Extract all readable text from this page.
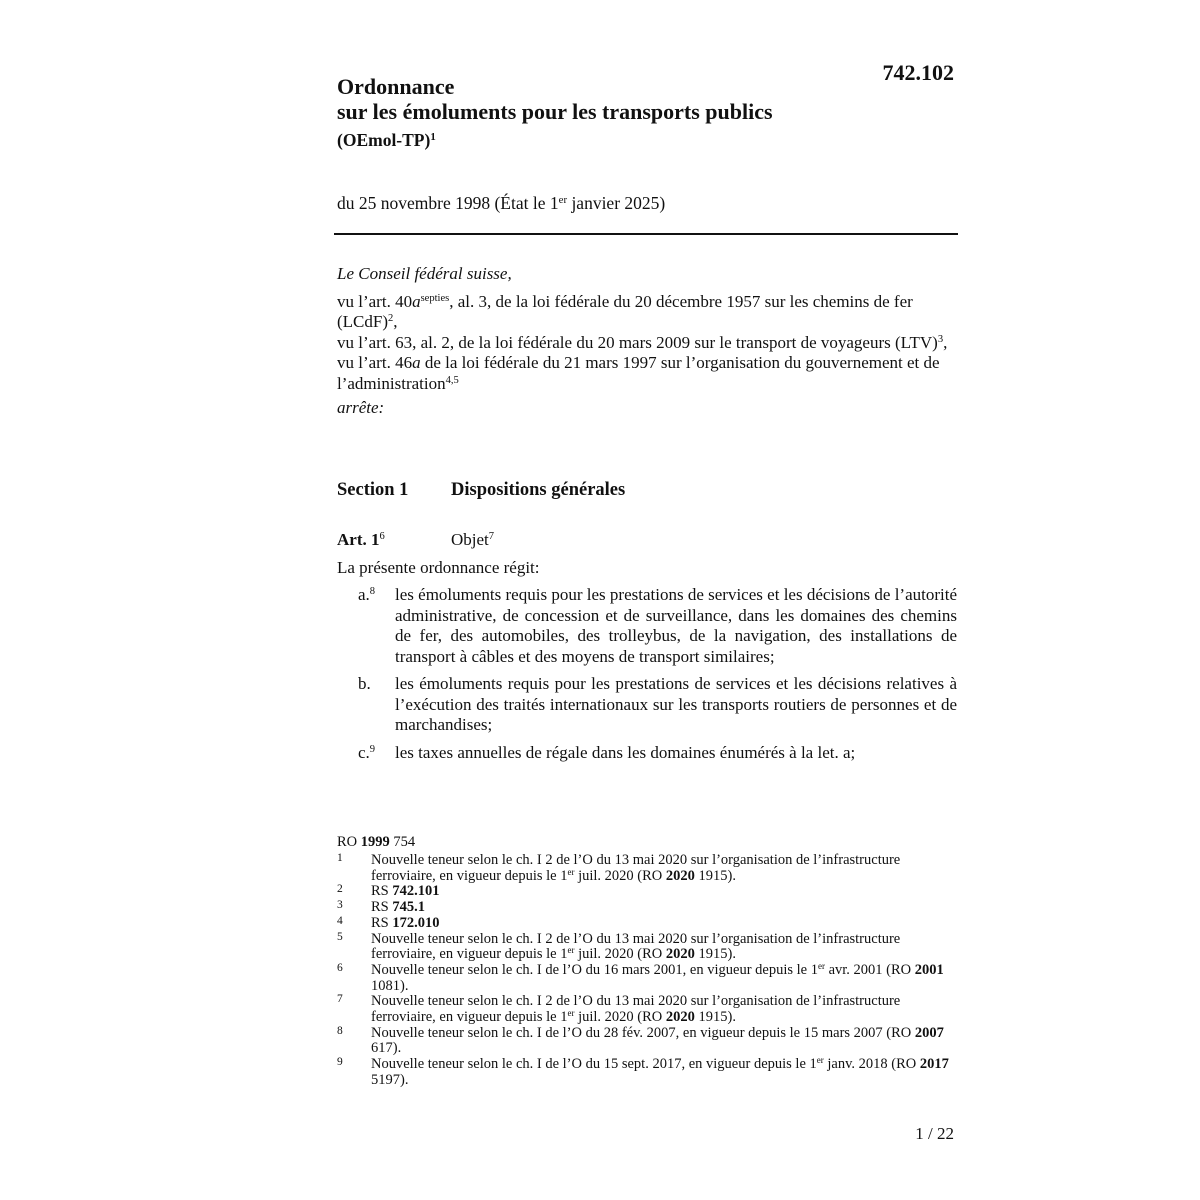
742.102
Ordonnance
sur les émoluments pour les transports publics
(OEmol-TP)$^1$
du 25 novembre 1998 (État le 1er janvier 2025)
Le Conseil fédéral suisse,
vu l’art. $40a^{septies}$, al. 3, de la loi fédérale du 20 décembre 1957 sur les chemins de fer (LCdF)$^2$,
vu l’art. 63, al. 2, de la loi fédérale du 20 mars 2009 sur le transport de voyageurs (LTV)$^3$,
vu l’art. 46a de la loi fédérale du 21 mars 1997 sur l’organisation du gouvernement et de l’administration$^{4,5}$
arrête:
Section 1 Dispositions générales
Art. $1^6$	Objet$^7$
La présente ordonnance régit:
a.$^8$ les émoluments requis pour les prestations de services et les décisions de l’autorité administrative, de concession et de surveillance, dans les domaines des chemins de fer, des automobiles, des trolleybus, de la navigation, des installations de transport à câbles et des moyens de transport similaires;
b. les émoluments requis pour les prestations de services et les décisions relatives à l’exécution des traités internationaux sur les transports routiers de personnes et de marchandises;
c.$^9$ les taxes annuelles de régale dans les domaines énumérés à la let. a;
RO 1999 754
1 Nouvelle teneur selon le ch. I 2 de l’O du 13 mai 2020 sur l’organisation de l’infrastructure ferroviaire, en vigueur depuis le 1er juil. 2020 (RO 2020 1915).
2 RS 742.101
3 RS 745.1
4 RS 172.010
5 Nouvelle teneur selon le ch. I 2 de l’O du 13 mai 2020 sur l’organisation de l’infrastructure ferroviaire, en vigueur depuis le 1er juil. 2020 (RO 2020 1915).
6 Nouvelle teneur selon le ch. I de l’O du 16 mars 2001, en vigueur depuis le 1er avr. 2001 (RO 2001 1081).
7 Nouvelle teneur selon le ch. I 2 de l’O du 13 mai 2020 sur l’organisation de l’infrastructure ferroviaire, en vigueur depuis le 1er juil. 2020 (RO 2020 1915).
8 Nouvelle teneur selon le ch. I de l’O du 28 fév. 2007, en vigueur depuis le 15 mars 2007 (RO 2007 617).
9 Nouvelle teneur selon le ch. I de l’O du 15 sept. 2017, en vigueur depuis le 1er janv. 2018 (RO 2017 5197).
1 / 22
